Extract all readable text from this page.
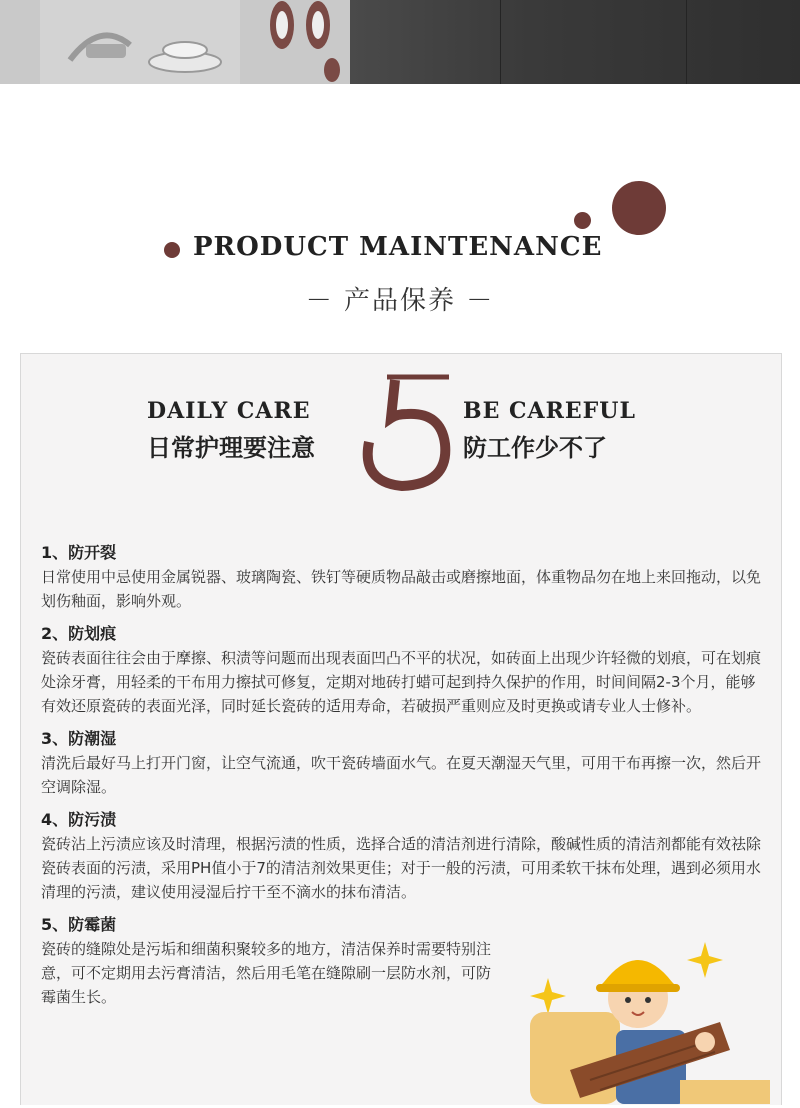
PRODUCT MAINTENANCE
－ 产品保养 －
DAILY CARE
日常护理要注意
BE CAREFUL
防工作少不了
1、防开裂

日常使用中忌使用金属锐器、玻璃陶瓷、铁钉等硬质物品敲击或磨擦地面，体重物品勿在地上来回拖动，以免划伤釉面，影响外观。

2、防划痕

瓷砖表面往往会由于摩擦、积渍等问题而出现表面凹凸不平的状况，如砖面上出现少许轻微的划痕，可在划痕处涂牙膏，用轻柔的干布用力擦拭可修复，定期对地砖打蜡可起到持久保护的作用，时间间隔2-3个月，能够有效还原瓷砖的表面光泽，同时延长瓷砖的适用寿命，若破损严重则应及时更换或请专业人士修补。

3、防潮湿

清洗后最好马上打开门窗，让空气流通，吹干瓷砖墙面水气。在夏天潮湿天气里，可用干布再擦一次，然后开空调除湿。

4、防污渍

瓷砖沾上污渍应该及时清理，根据污渍的性质，选择合适的清洁剂进行清除，酸碱性质的清洁剂都能有效祛除瓷砖表面的污渍，采用PH值小于7的清洁剂效果更佳；对于一般的污渍，可用柔软干抹布处理，遇到必须用水清理的污渍，建议使用浸湿后拧干至不滴水的抹布清洁。

5、防霉菌

瓷砖的缝隙处是污垢和细菌积聚较多的地方，清洁保养时需要特别注意，可不定期用去污膏清洁，然后用毛笔在缝隙刷一层防水剂，可防霉菌生长。
